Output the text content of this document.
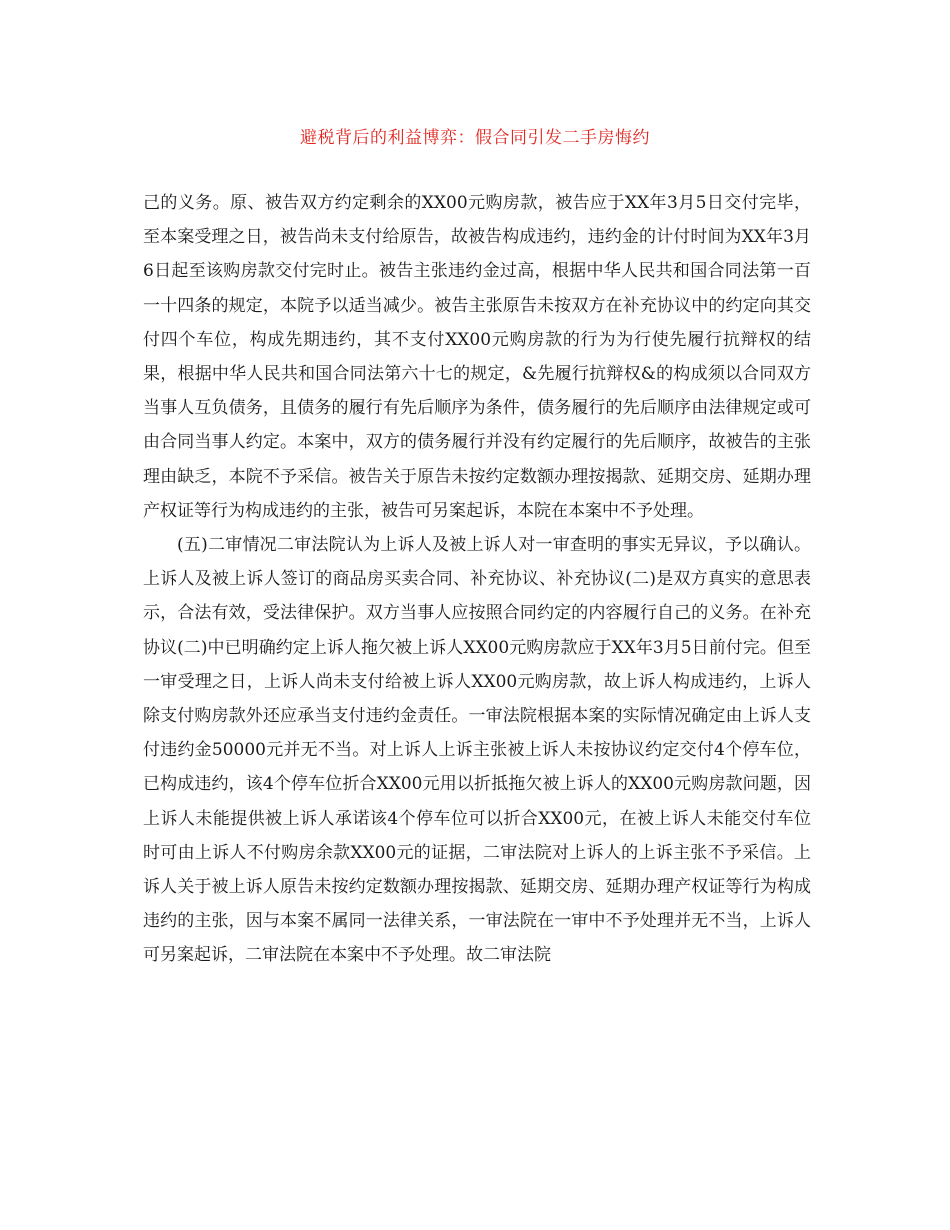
避税背后的利益博弈：假合同引发二手房悔约

己的义务。原、被告双方约定剩余的XX00元购房款，被告应于XX年3月5日交付完毕，至本案受理之日，被告尚未支付给原告，故被告构成违约，违约金的计付时间为XX年3月6日起至该购房款交付完时止。被告主张违约金过高，根据中华人民共和国合同法第一百一十四条的规定，本院予以适当减少。被告主张原告未按双方在补充协议中的约定向其交付四个车位，构成先期违约，其不支付XX00元购房款的行为为行使先履行抗辩权的结果，根据中华人民共和国合同法第六十七的规定，&先履行抗辩权&的构成须以合同双方当事人互负债务，且债务的履行有先后顺序为条件，债务履行的先后顺序由法律规定或可由合同当事人约定。本案中，双方的债务履行并没有约定履行的先后顺序，故被告的主张理由缺乏，本院不予采信。被告关于原告未按约定数额办理按揭款、延期交房、延期办理产权证等行为构成违约的主张，被告可另案起诉，本院在本案中不予处理。

(五)二审情况二审法院认为上诉人及被上诉人对一审查明的事实无异议，予以确认。上诉人及被上诉人签订的商品房买卖合同、补充协议、补充协议(二)是双方真实的意思表示，合法有效，受法律保护。双方当事人应按照合同约定的内容履行自己的义务。在补充协议(二)中已明确约定上诉人拖欠被上诉人XX00元购房款应于XX年3月5日前付完。但至一审受理之日，上诉人尚未支付给被上诉人XX00元购房款，故上诉人构成违约，上诉人除支付购房款外还应承当支付违约金责任。一审法院根据本案的实际情况确定由上诉人支付违约金50000元并无不当。对上诉人上诉主张被上诉人未按协议约定交付4个停车位，已构成违约，该4个停车位折合XX00元用以折抵拖欠被上诉人的XX00元购房款问题，因上诉人未能提供被上诉人承诺该4个停车位可以折合XX00元，在被上诉人未能交付车位时可由上诉人不付购房余款XX00元的证据，二审法院对上诉人的上诉主张不予采信。上诉人关于被上诉人原告未按约定数额办理按揭款、延期交房、延期办理产权证等行为构成违约的主张，因与本案不属同一法律关系，一审法院在一审中不予处理并无不当，上诉人可另案起诉，二审法院在本案中不予处理。故二审法院
